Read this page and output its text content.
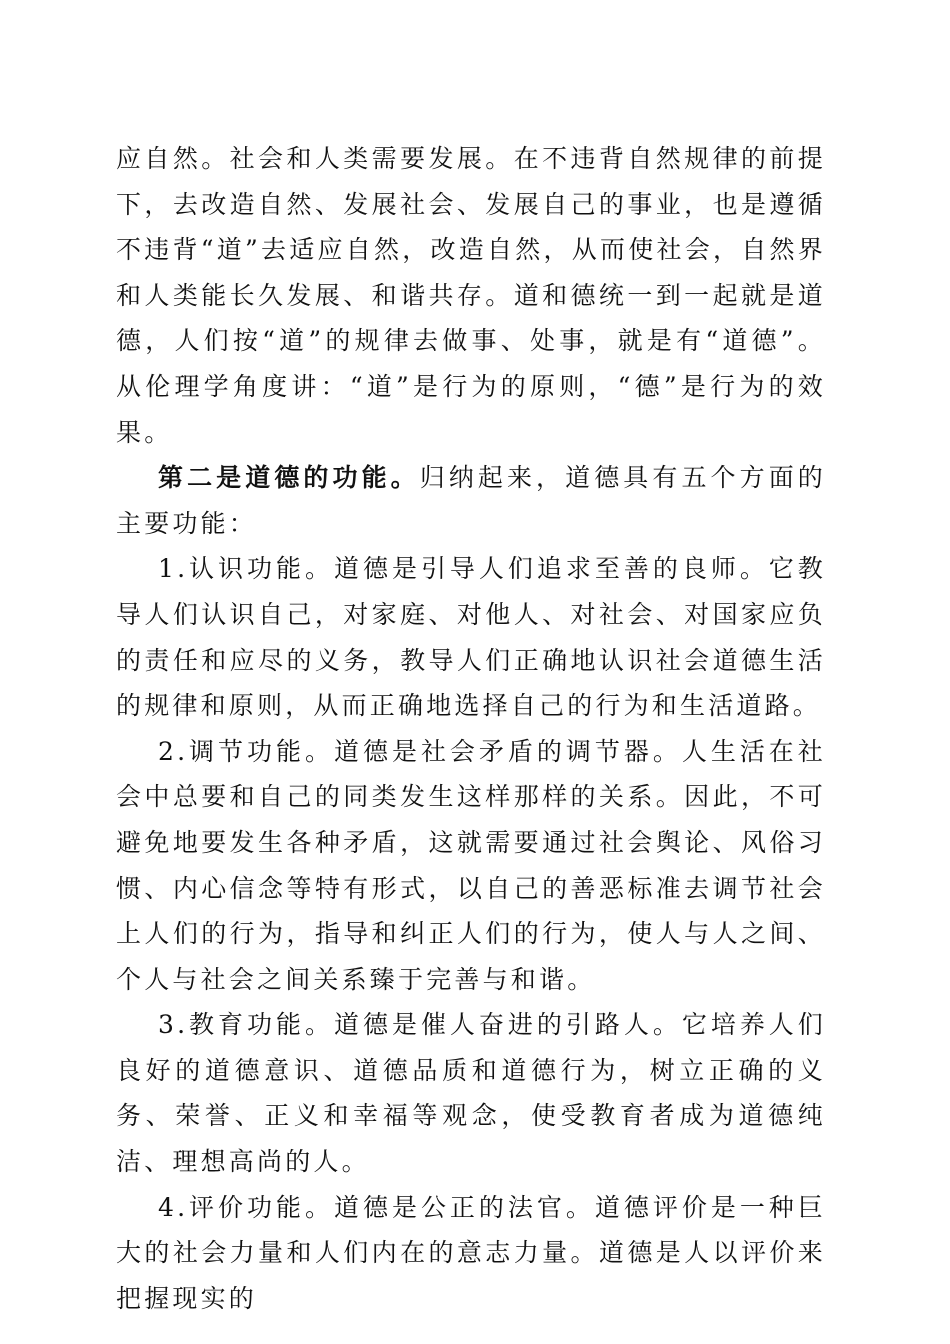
应自然。社会和人类需要发展。在不违背自然规律的前提下，去改造自然、发展社会、发展自己的事业，也是遵循不违背“道”去适应自然，改造自然，从而使社会，自然界和人类能长久发展、和谐共存。道和德统一到一起就是道德，人们按“道”的规律去做事、处事，就是有“道德”。从伦理学角度讲：“道”是行为的原则，“德”是行为的效果。

第二是道德的功能。归纳起来，道德具有五个方面的主要功能：

1.认识功能。道德是引导人们追求至善的良师。它教导人们认识自己，对家庭、对他人、对社会、对国家应负的责任和应尽的义务，教导人们正确地认识社会道德生活的规律和原则，从而正确地选择自己的行为和生活道路。

2.调节功能。道德是社会矛盾的调节器。人生活在社会中总要和自己的同类发生这样那样的关系。因此，不可避免地要发生各种矛盾，这就需要通过社会舆论、风俗习惯、内心信念等特有形式，以自己的善恶标准去调节社会上人们的行为，指导和纠正人们的行为，使人与人之间、个人与社会之间关系臻于完善与和谐。

3.教育功能。道德是催人奋进的引路人。它培养人们良好的道德意识、道德品质和道德行为，树立正确的义务、荣誉、正义和幸福等观念，使受教育者成为道德纯洁、理想高尚的人。

4.评价功能。道德是公正的法官。道德评价是一种巨大的社会力量和人们内在的意志力量。道德是人以评价来把握现实的
